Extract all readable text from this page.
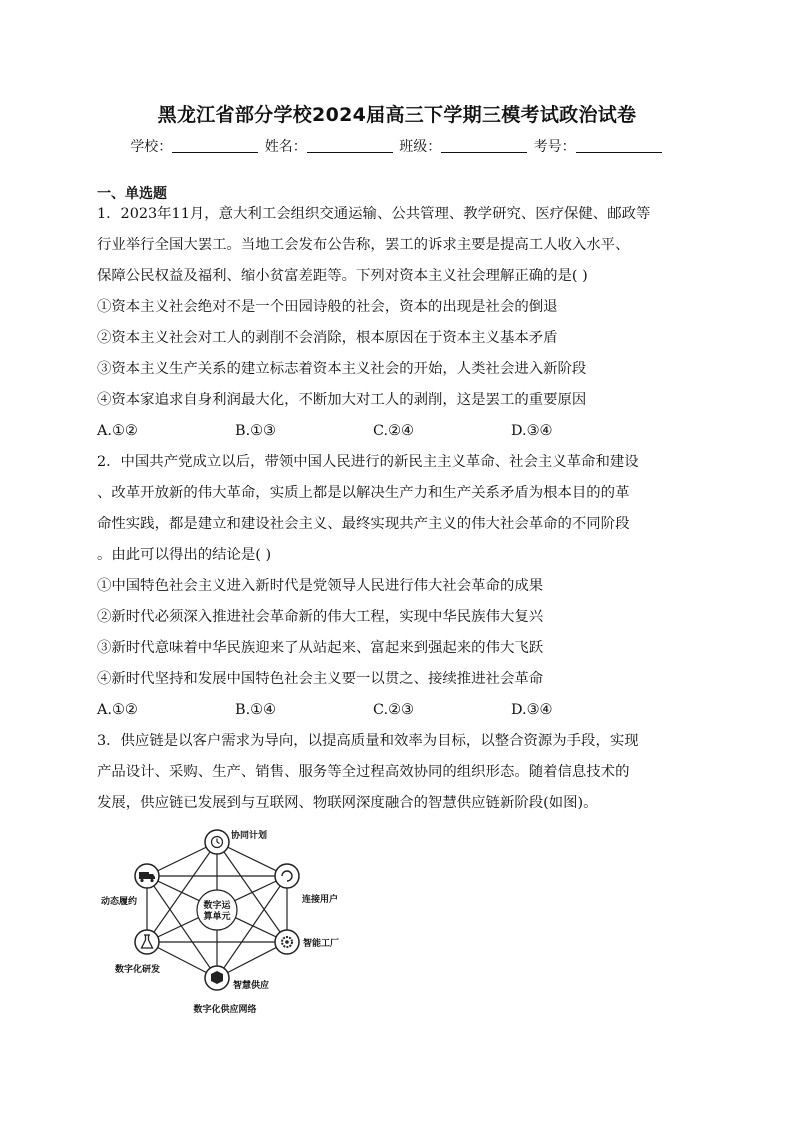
黑龙江省部分学校2024届高三下学期三模考试政治试卷
学校：	姓名：	班级：	考号：
一、单选题
1．2023年11月，意大利工会组织交通运输、公共管理、教学研究、医疗保健、邮政等
行业举行全国大罢工。当地工会发布公告称，罢工的诉求主要是提高工人收入水平、
保障公民权益及福利、缩小贫富差距等。下列对资本主义社会理解正确的是( )
①资本主义社会绝对不是一个田园诗般的社会，资本的出现是社会的倒退
②资本主义社会对工人的剥削不会消除，根本原因在于资本主义基本矛盾
③资本主义生产关系的建立标志着资本主义社会的开始，人类社会进入新阶段
④资本家追求自身利润最大化，不断加大对工人的剥削，这是罢工的重要原因
A.①②	B.①③	C.②④	D.③④
2．中国共产党成立以后，带领中国人民进行的新民主主义革命、社会主义革命和建设
、改革开放新的伟大革命，实质上都是以解决生产力和生产关系矛盾为根本目的的革
命性实践，都是建立和建设社会主义、最终实现共产主义的伟大社会革命的不同阶段
。由此可以得出的结论是( )
①中国特色社会主义进入新时代是党领导人民进行伟大社会革命的成果
②新时代必须深入推进社会革命新的伟大工程，实现中华民族伟大复兴
③新时代意味着中华民族迎来了从站起来、富起来到强起来的伟大飞跃
④新时代坚持和发展中国特色社会主义要一以贯之、接续推进社会革命
A.①②	B.①④	C.②③	D.③④
3．供应链是以客户需求为导向，以提高质量和效率为目标，以整合资源为手段，实现
产品设计、采购、生产、销售、服务等全过程高效协同的组织形态。随着信息技术的
发展，供应链已发展到与互联网、物联网深度融合的智慧供应链新阶段(如图)。
数字运
算单元
协同计划
连接用户
智能工厂
智慧供应
数字化研发
动态履约
数字化供应网络
